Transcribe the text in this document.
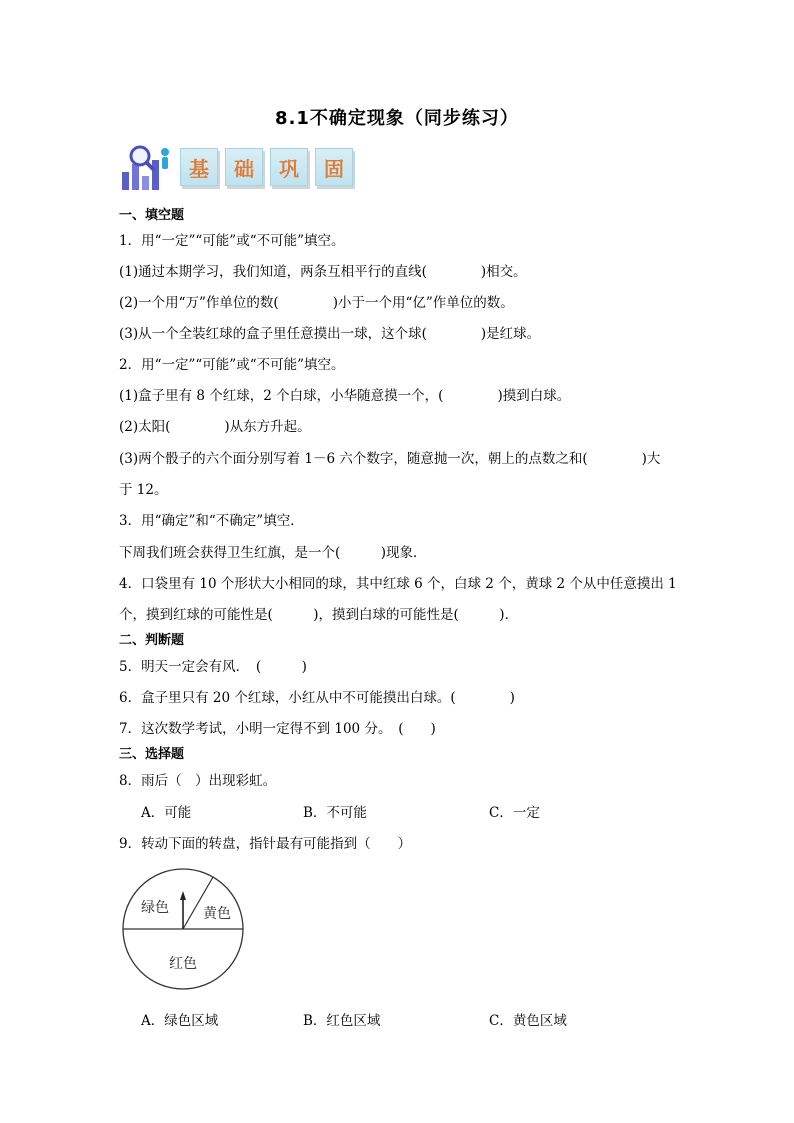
8.1不确定现象（同步练习）
基	础	巩	固
一、填空题
1．用“一定”“可能”或“不可能”填空。
(1)通过本期学习，我们知道，两条互相平行的直线(　　　　)相交。
(2)一个用“万”作单位的数(　　　　)小于一个用“亿”作单位的数。
(3)从一个全装红球的盒子里任意摸出一球，这个球(　　　　)是红球。
2．用“一定”“可能”或“不可能”填空。
(1)盒子里有 8 个红球，2 个白球，小华随意摸一个，(　　　　)摸到白球。
(2)太阳(　　　　)从东方升起。
(3)两个骰子的六个面分别写着 1－6 六个数字，随意抛一次，朝上的点数之和(　　　　)大
于 12。
3．用“确定”和“不确定”填空．
下周我们班会获得卫生红旗，是一个(　　　)现象．
4．口袋里有 10 个形状大小相同的球，其中红球 6 个，白球 2 个，黄球 2 个从中任意摸出 1
个，摸到红球的可能性是(　　　)，摸到白球的可能性是(　　　)．
二、判断题
5．明天一定会有风．　(　　　)
6．盒子里只有 20 个红球，小红从中不可能摸出白球。(　　　　)
7．这次数学考试，小明一定得不到 100 分。　(　　)
三、选择题
8．雨后（　）出现彩虹。
A．可能	B．不可能	C．一定
9．转动下面的转盘，指针最有可能指到（　　）
绿色 黄色
红色
A．绿色区域	B．红色区域	C．黄色区域
